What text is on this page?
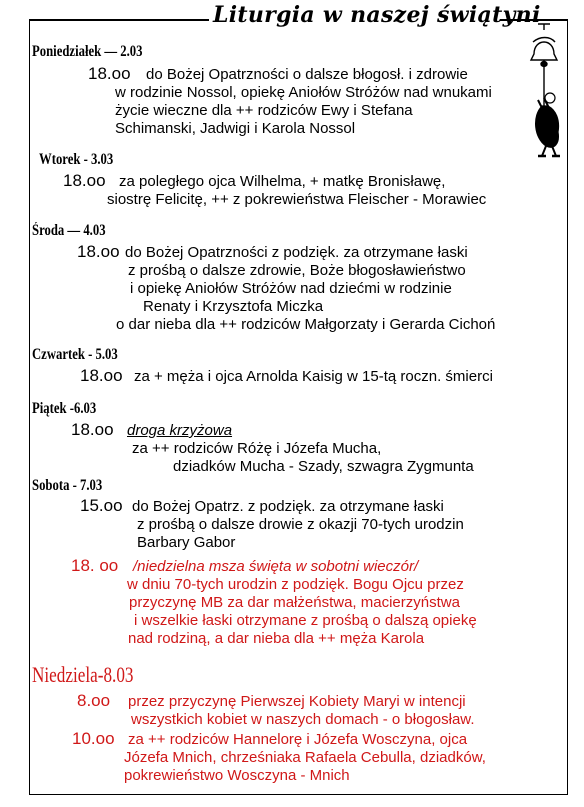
Liturgia w naszej świątyni
Poniedziałek — 2.03
18.oo do Bożej Opatrzności o dalsze błogosł. i zdrowie
w rodzinie Nossol, opiekę Aniołów Stróżów nad wnukami
życie wieczne dla ++ rodziców Ewy i Stefana
Schimanski, Jadwigi i Karola Nossol
Wtorek - 3.03
18.oo za poległego ojca Wilhelma, + matkę Bronisławę,
siostrę Felicitę, ++ z pokrewieństwa Fleischer - Morawiec
Środa — 4.03
18.oo do Bożej Opatrzności z podzięk. za otrzymane łaski
z prośbą o dalsze zdrowie, Boże błogosławieństwo
i opiekę Aniołów Stróżów nad dziećmi w rodzinie
Renaty i Krzysztofa Miczka
o dar nieba dla ++ rodziców Małgorzaty i Gerarda Cichoń
Czwartek - 5.03
18.oo za + męża i ojca Arnolda Kaisig w 15-tą roczn. śmierci
Piątek -6.03
18.oo droga krzyżowa
za ++ rodziców Różę i Józefa Mucha,
dziadków Mucha - Szady, szwagra Zygmunta
Sobota - 7.03
15.oo do Bożej Opatrz. z podzięk. za otrzymane łaski
z prośbą o dalsze drowie z okazji 70-tych urodzin
Barbary Gabor
18. oo /niedzielna msza święta w sobotni wieczór/
w dniu 70-tych urodzin z podzięk. Bogu Ojcu przez
przyczynę MB za dar małżeństwa, macierzyństwa
i wszelkie łaski otrzymane z prośbą o dalszą opiekę
nad rodziną, a dar nieba dla ++ męża Karola
Niedziela-8.03
8.oo przez przyczynę Pierwszej Kobiety Maryi w intencji
wszystkich kobiet w naszych domach - o błogosław.
10.oo za ++ rodziców Hannelorę i Józefa Wosczyna, ojca
Józefa Mnich, chrześniaka Rafaela Cebulla, dziadków,
pokrewieństwo Wosczyna - Mnich
